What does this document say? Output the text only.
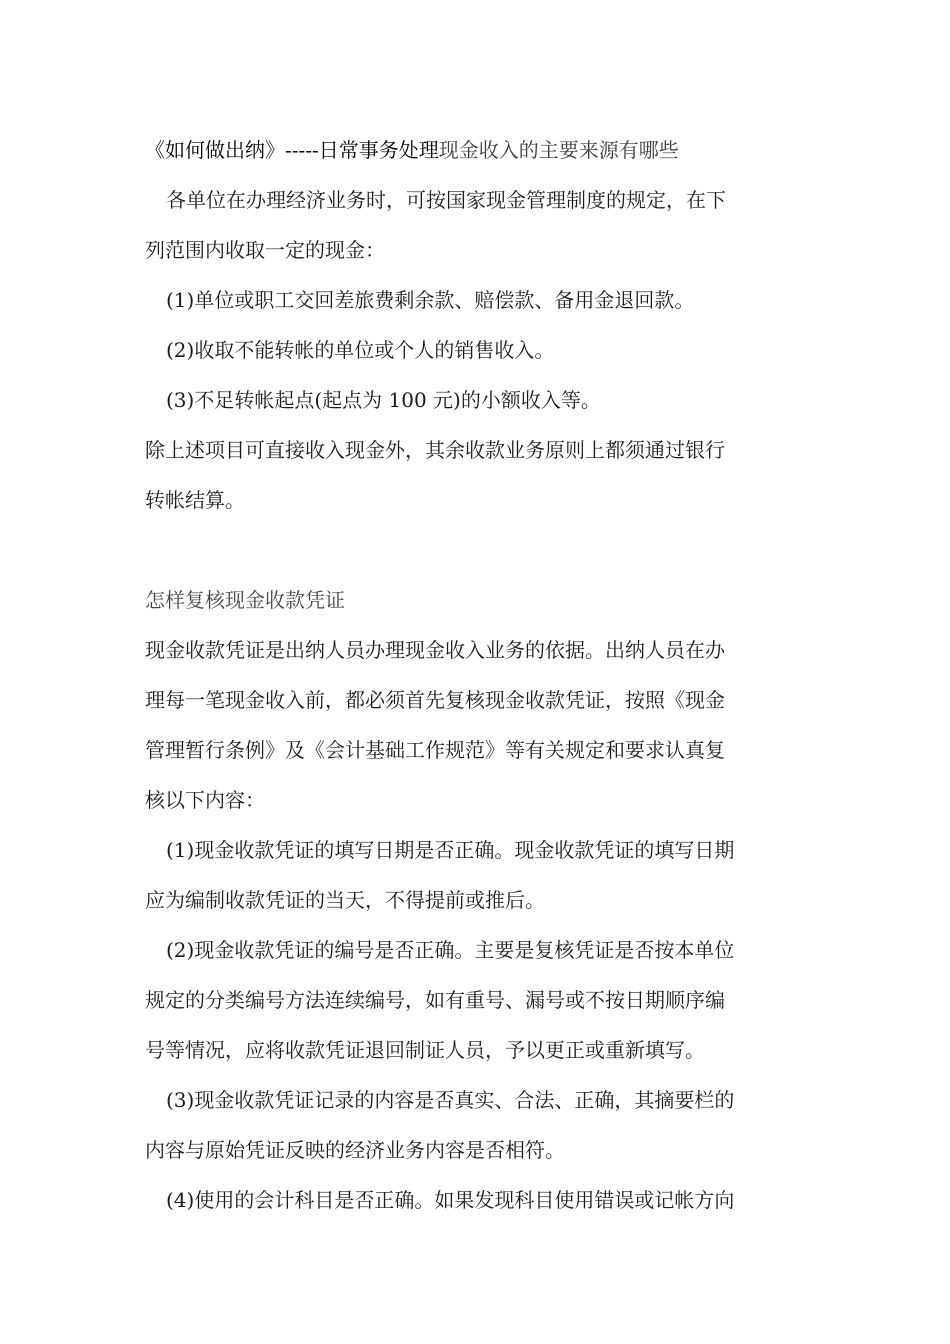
《如何做出纳》-----日常事务处理现金收入的主要来源有哪些
各单位在办理经济业务时，可按国家现金管理制度的规定，在下
列范围内收取一定的现金：
(1)单位或职工交回差旅费剩余款、赔偿款、备用金退回款。
(2)收取不能转帐的单位或个人的销售收入。
(3)不足转帐起点(起点为 100 元)的小额收入等。
除上述项目可直接收入现金外，其余收款业务原则上都须通过银行
转帐结算。
怎样复核现金收款凭证
现金收款凭证是出纳人员办理现金收入业务的依据。出纳人员在办
理每一笔现金收入前，都必须首先复核现金收款凭证，按照《现金
管理暂行条例》及《会计基础工作规范》等有关规定和要求认真复
核以下内容：
(1)现金收款凭证的填写日期是否正确。现金收款凭证的填写日期
应为编制收款凭证的当天，不得提前或推后。
(2)现金收款凭证的编号是否正确。主要是复核凭证是否按本单位
规定的分类编号方法连续编号，如有重号、漏号或不按日期顺序编
号等情况，应将收款凭证退回制证人员，予以更正或重新填写。
(3)现金收款凭证记录的内容是否真实、合法、正确，其摘要栏的
内容与原始凭证反映的经济业务内容是否相符。
(4)使用的会计科目是否正确。如果发现科目使用错误或记帐方向
